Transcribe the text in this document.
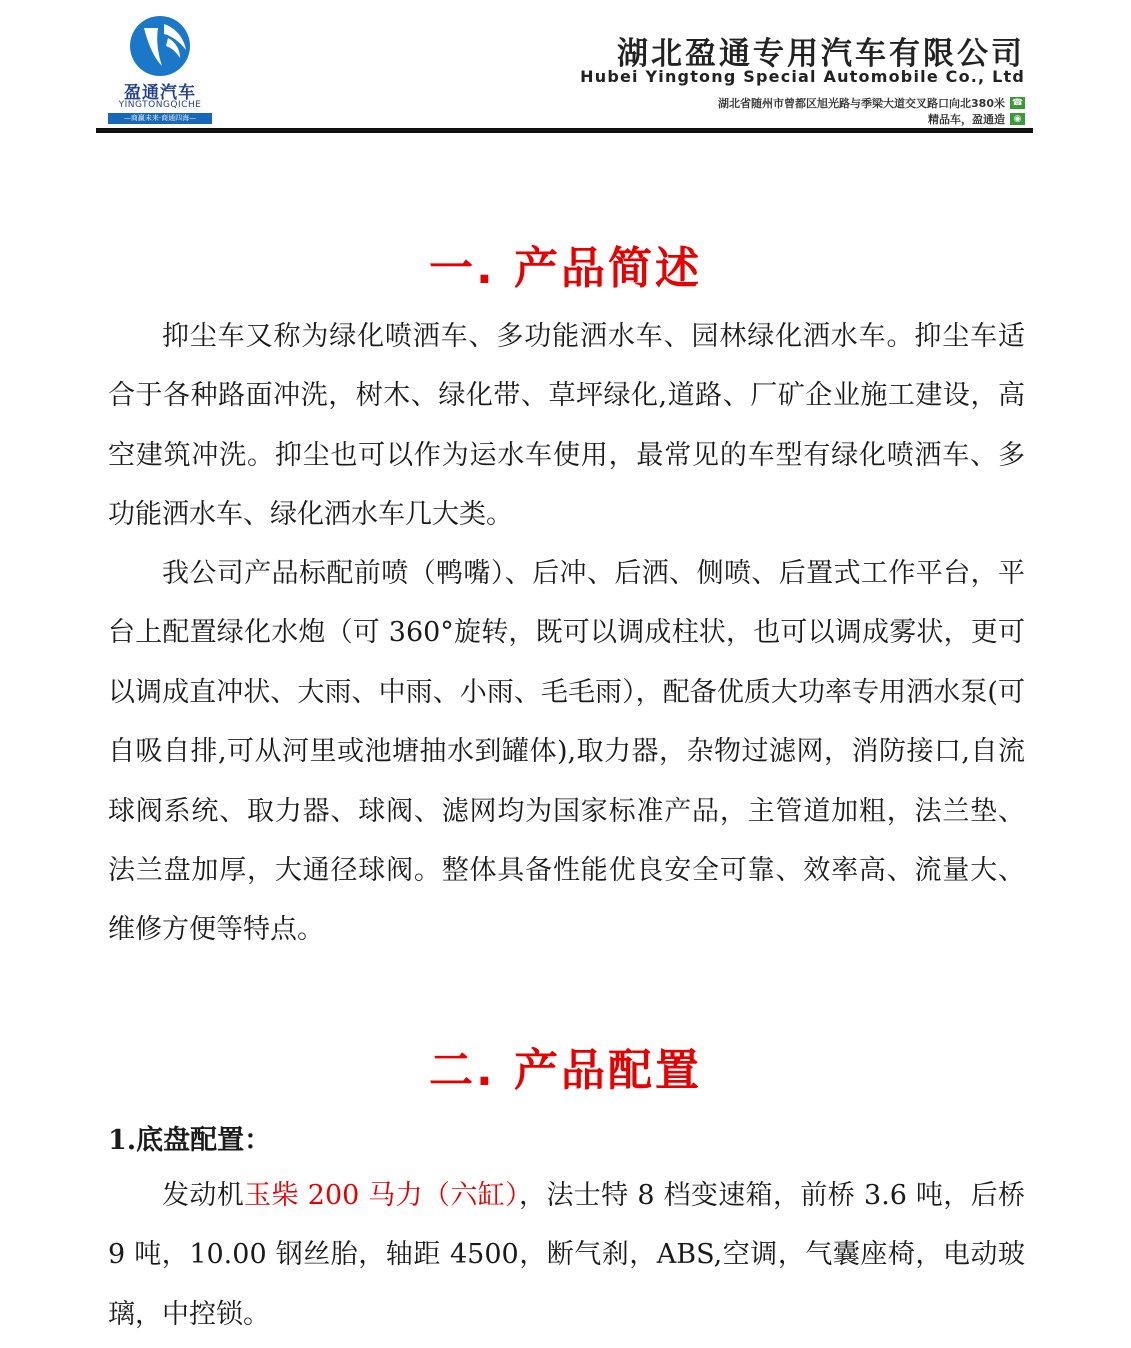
盈通汽车
YINGTONGQICHE
—商赢未来·商通四海—
湖北盈通专用汽车有限公司
Hubei Yingtong Special Automobile Co., Ltd
湖北省随州市曾都区旭光路与季梁大道交叉路口向北380米 ☎
精品车，盈通造 ◉
一. 产品简述

抑尘车又称为绿化喷洒车、多功能洒水车、园林绿化洒水车。抑尘车适合于各种路面冲洗，树木、绿化带、草坪绿化,道路、厂矿企业施工建设，高空建筑冲洗。抑尘也可以作为运水车使用，最常见的车型有绿化喷洒车、多功能洒水车、绿化洒水车几大类。

我公司产品标配前喷（鸭嘴）、后冲、后洒、侧喷、后置式工作平台，平台上配置绿化水炮（可 360°旋转，既可以调成柱状，也可以调成雾状，更可以调成直冲状、大雨、中雨、小雨、毛毛雨），配备优质大功率专用洒水泵(可自吸自排,可从河里或池塘抽水到罐体),取力器，杂物过滤网，消防接口,自流球阀系统、取力器、球阀、滤网均为国家标准产品，主管道加粗，法兰垫、法兰盘加厚，大通径球阀。整体具备性能优良安全可靠、效率高、流量大、维修方便等特点。

二. 产品配置
1.底盘配置：

发动机玉柴 200 马力（六缸），法士特 8 档变速箱，前桥 3.6 吨，后桥 9 吨，10.00 钢丝胎，轴距 4500，断气刹，ABS,空调，气囊座椅，电动玻璃，中控锁。
